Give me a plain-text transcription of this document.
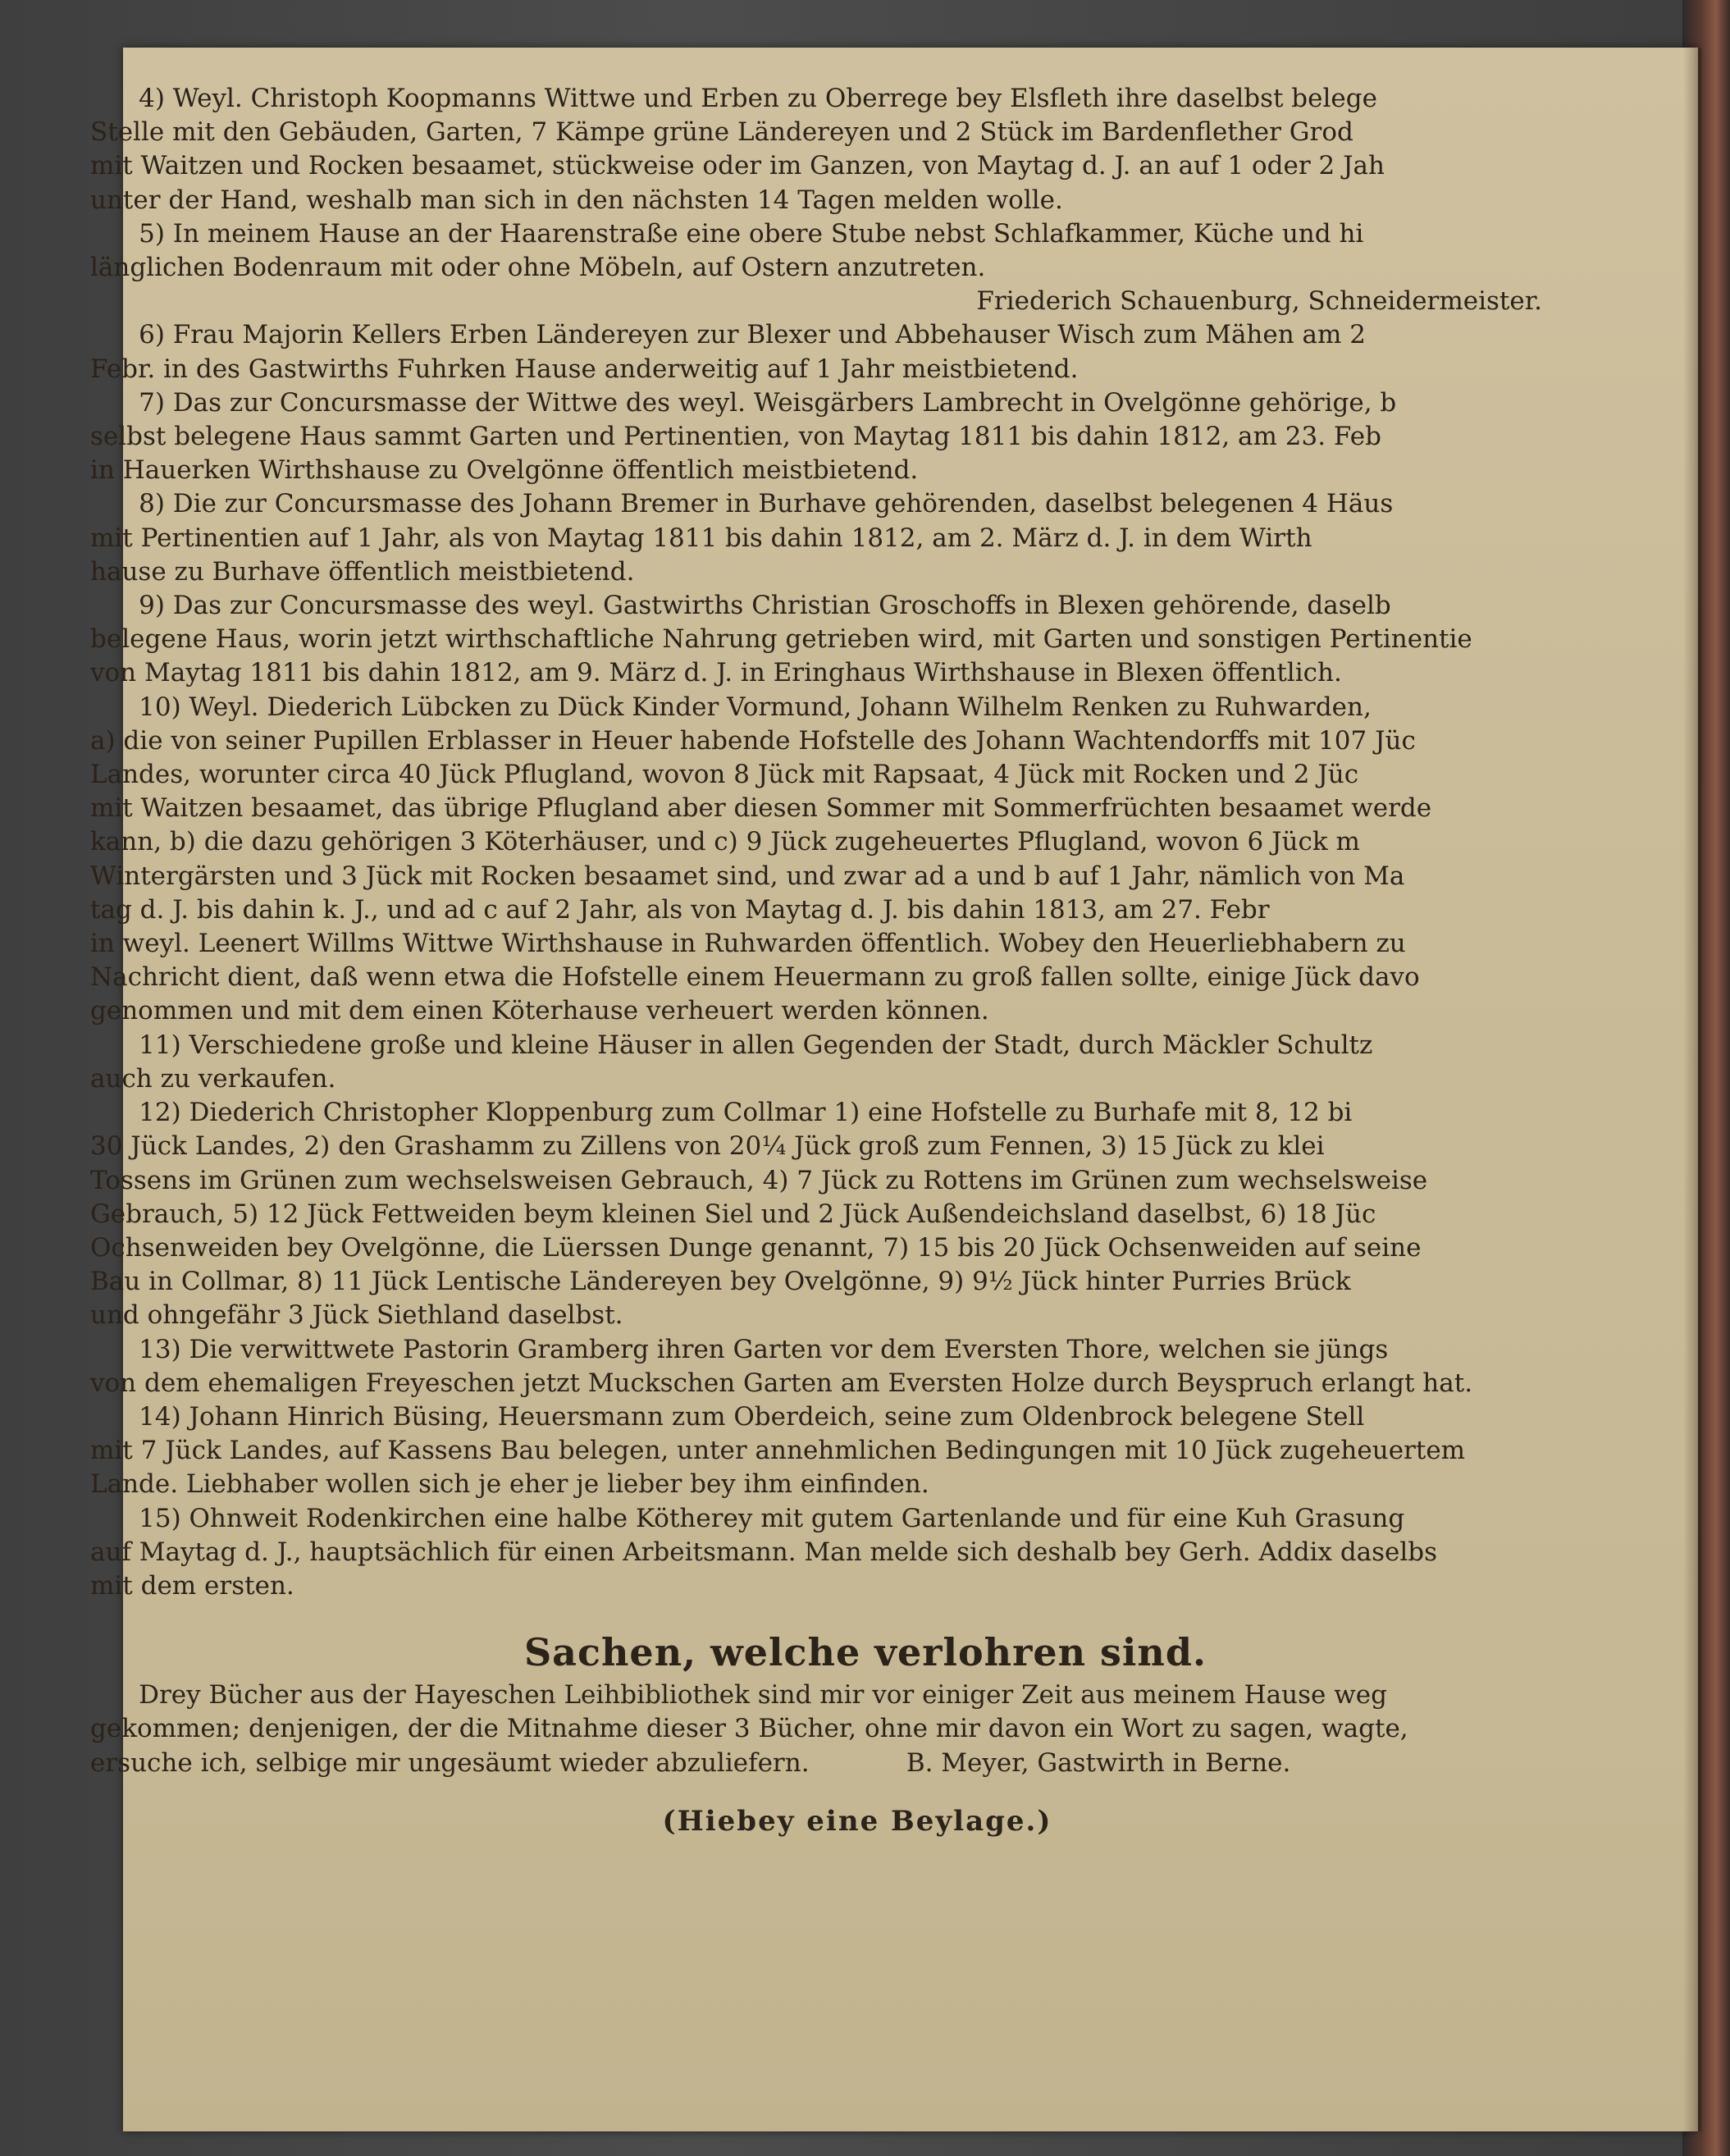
4) Weyl. Christoph Koopmanns Wittwe und Erben zu Oberrege bey Elsfleth ihre daselbst belege

Stelle mit den Gebäuden, Garten, 7 Kämpe grüne Ländereyen und 2 Stück im Bardenflether Grod

mit Waitzen und Rocken besaamet, stückweise oder im Ganzen, von Maytag d. J. an auf 1 oder 2 Jah

unter der Hand, weshalb man sich in den nächsten 14 Tagen melden wolle.

5) In meinem Hause an der Haarenstraße eine obere Stube nebst Schlafkammer, Küche und hi

länglichen Bodenraum mit oder ohne Möbeln, auf Ostern anzutreten.

Friederich Schauenburg, Schneidermeister.

6) Frau Majorin Kellers Erben Ländereyen zur Blexer und Abbehauser Wisch zum Mähen am 2

Febr. in des Gastwirths Fuhrken Hause anderweitig auf 1 Jahr meistbietend.

7) Das zur Concursmasse der Wittwe des weyl. Weisgärbers Lambrecht in Ovelgönne gehörige, b

selbst belegene Haus sammt Garten und Pertinentien, von Maytag 1811 bis dahin 1812, am 23. Feb

in Hauerken Wirthshause zu Ovelgönne öffentlich meistbietend.

8) Die zur Concursmasse des Johann Bremer in Burhave gehörenden, daselbst belegenen 4 Häus

mit Pertinentien auf 1 Jahr, als von Maytag 1811 bis dahin 1812, am 2. März d. J. in dem Wirth

hause zu Burhave öffentlich meistbietend.

9) Das zur Concursmasse des weyl. Gastwirths Christian Groschoffs in Blexen gehörende, daselb

belegene Haus, worin jetzt wirthschaftliche Nahrung getrieben wird, mit Garten und sonstigen Pertinentie

von Maytag 1811 bis dahin 1812, am 9. März d. J. in Eringhaus Wirthshause in Blexen öffentlich.

10) Weyl. Diederich Lübcken zu Dück Kinder Vormund, Johann Wilhelm Renken zu Ruhwarden,

a) die von seiner Pupillen Erblasser in Heuer habende Hofstelle des Johann Wachtendorffs mit 107 Jüc

Landes, worunter circa 40 Jück Pflugland, wovon 8 Jück mit Rapsaat, 4 Jück mit Rocken und 2 Jüc

mit Waitzen besaamet, das übrige Pflugland aber diesen Sommer mit Sommerfrüchten besaamet werde

kann, b) die dazu gehörigen 3 Köterhäuser, und c) 9 Jück zugeheuertes Pflugland, wovon 6 Jück m

Wintergärsten und 3 Jück mit Rocken besaamet sind, und zwar ad a und b auf 1 Jahr, nämlich von Ma

tag d. J. bis dahin k. J., und ad c auf 2 Jahr, als von Maytag d. J. bis dahin 1813, am 27. Febr

in weyl. Leenert Willms Wittwe Wirthshause in Ruhwarden öffentlich. Wobey den Heuerliebhabern zu

Nachricht dient, daß wenn etwa die Hofstelle einem Heuermann zu groß fallen sollte, einige Jück davo

genommen und mit dem einen Köterhause verheuert werden können.

11) Verschiedene große und kleine Häuser in allen Gegenden der Stadt, durch Mäckler Schultz

auch zu verkaufen.

12) Diederich Christopher Kloppenburg zum Collmar 1) eine Hofstelle zu Burhafe mit 8, 12 bi

30 Jück Landes, 2) den Grashamm zu Zillens von 20¼ Jück groß zum Fennen, 3) 15 Jück zu klei

Tossens im Grünen zum wechselsweisen Gebrauch, 4) 7 Jück zu Rottens im Grünen zum wechselsweise

Gebrauch, 5) 12 Jück Fettweiden beym kleinen Siel und 2 Jück Außendeichsland daselbst, 6) 18 Jüc

Ochsenweiden bey Ovelgönne, die Lüerssen Dunge genannt, 7) 15 bis 20 Jück Ochsenweiden auf seine

Bau in Collmar, 8) 11 Jück Lentische Ländereyen bey Ovelgönne, 9) 9½ Jück hinter Purries Brück

und ohngefähr 3 Jück Siethland daselbst.

13) Die verwittwete Pastorin Gramberg ihren Garten vor dem Eversten Thore, welchen sie jüngs

von dem ehemaligen Freyeschen jetzt Muckschen Garten am Eversten Holze durch Beyspruch erlangt hat.

14) Johann Hinrich Büsing, Heuersmann zum Oberdeich, seine zum Oldenbrock belegene Stell

mit 7 Jück Landes, auf Kassens Bau belegen, unter annehmlichen Bedingungen mit 10 Jück zugeheuertem

Lande. Liebhaber wollen sich je eher je lieber bey ihm einfinden.

15) Ohnweit Rodenkirchen eine halbe Kötherey mit gutem Gartenlande und für eine Kuh Grasung

auf Maytag d. J., hauptsächlich für einen Arbeitsmann. Man melde sich deshalb bey Gerh. Addix daselbs

mit dem ersten.

Sachen, welche verlohren sind.

Drey Bücher aus der Hayeschen Leihbibliothek sind mir vor einiger Zeit aus meinem Hause weg

gekommen; denjenigen, der die Mitnahme dieser 3 Bücher, ohne mir davon ein Wort zu sagen, wagte,

ersuche ich, selbige mir ungesäumt wieder abzuliefern.            B. Meyer, Gastwirth in Berne.

(Hiebey eine Beylage.)
